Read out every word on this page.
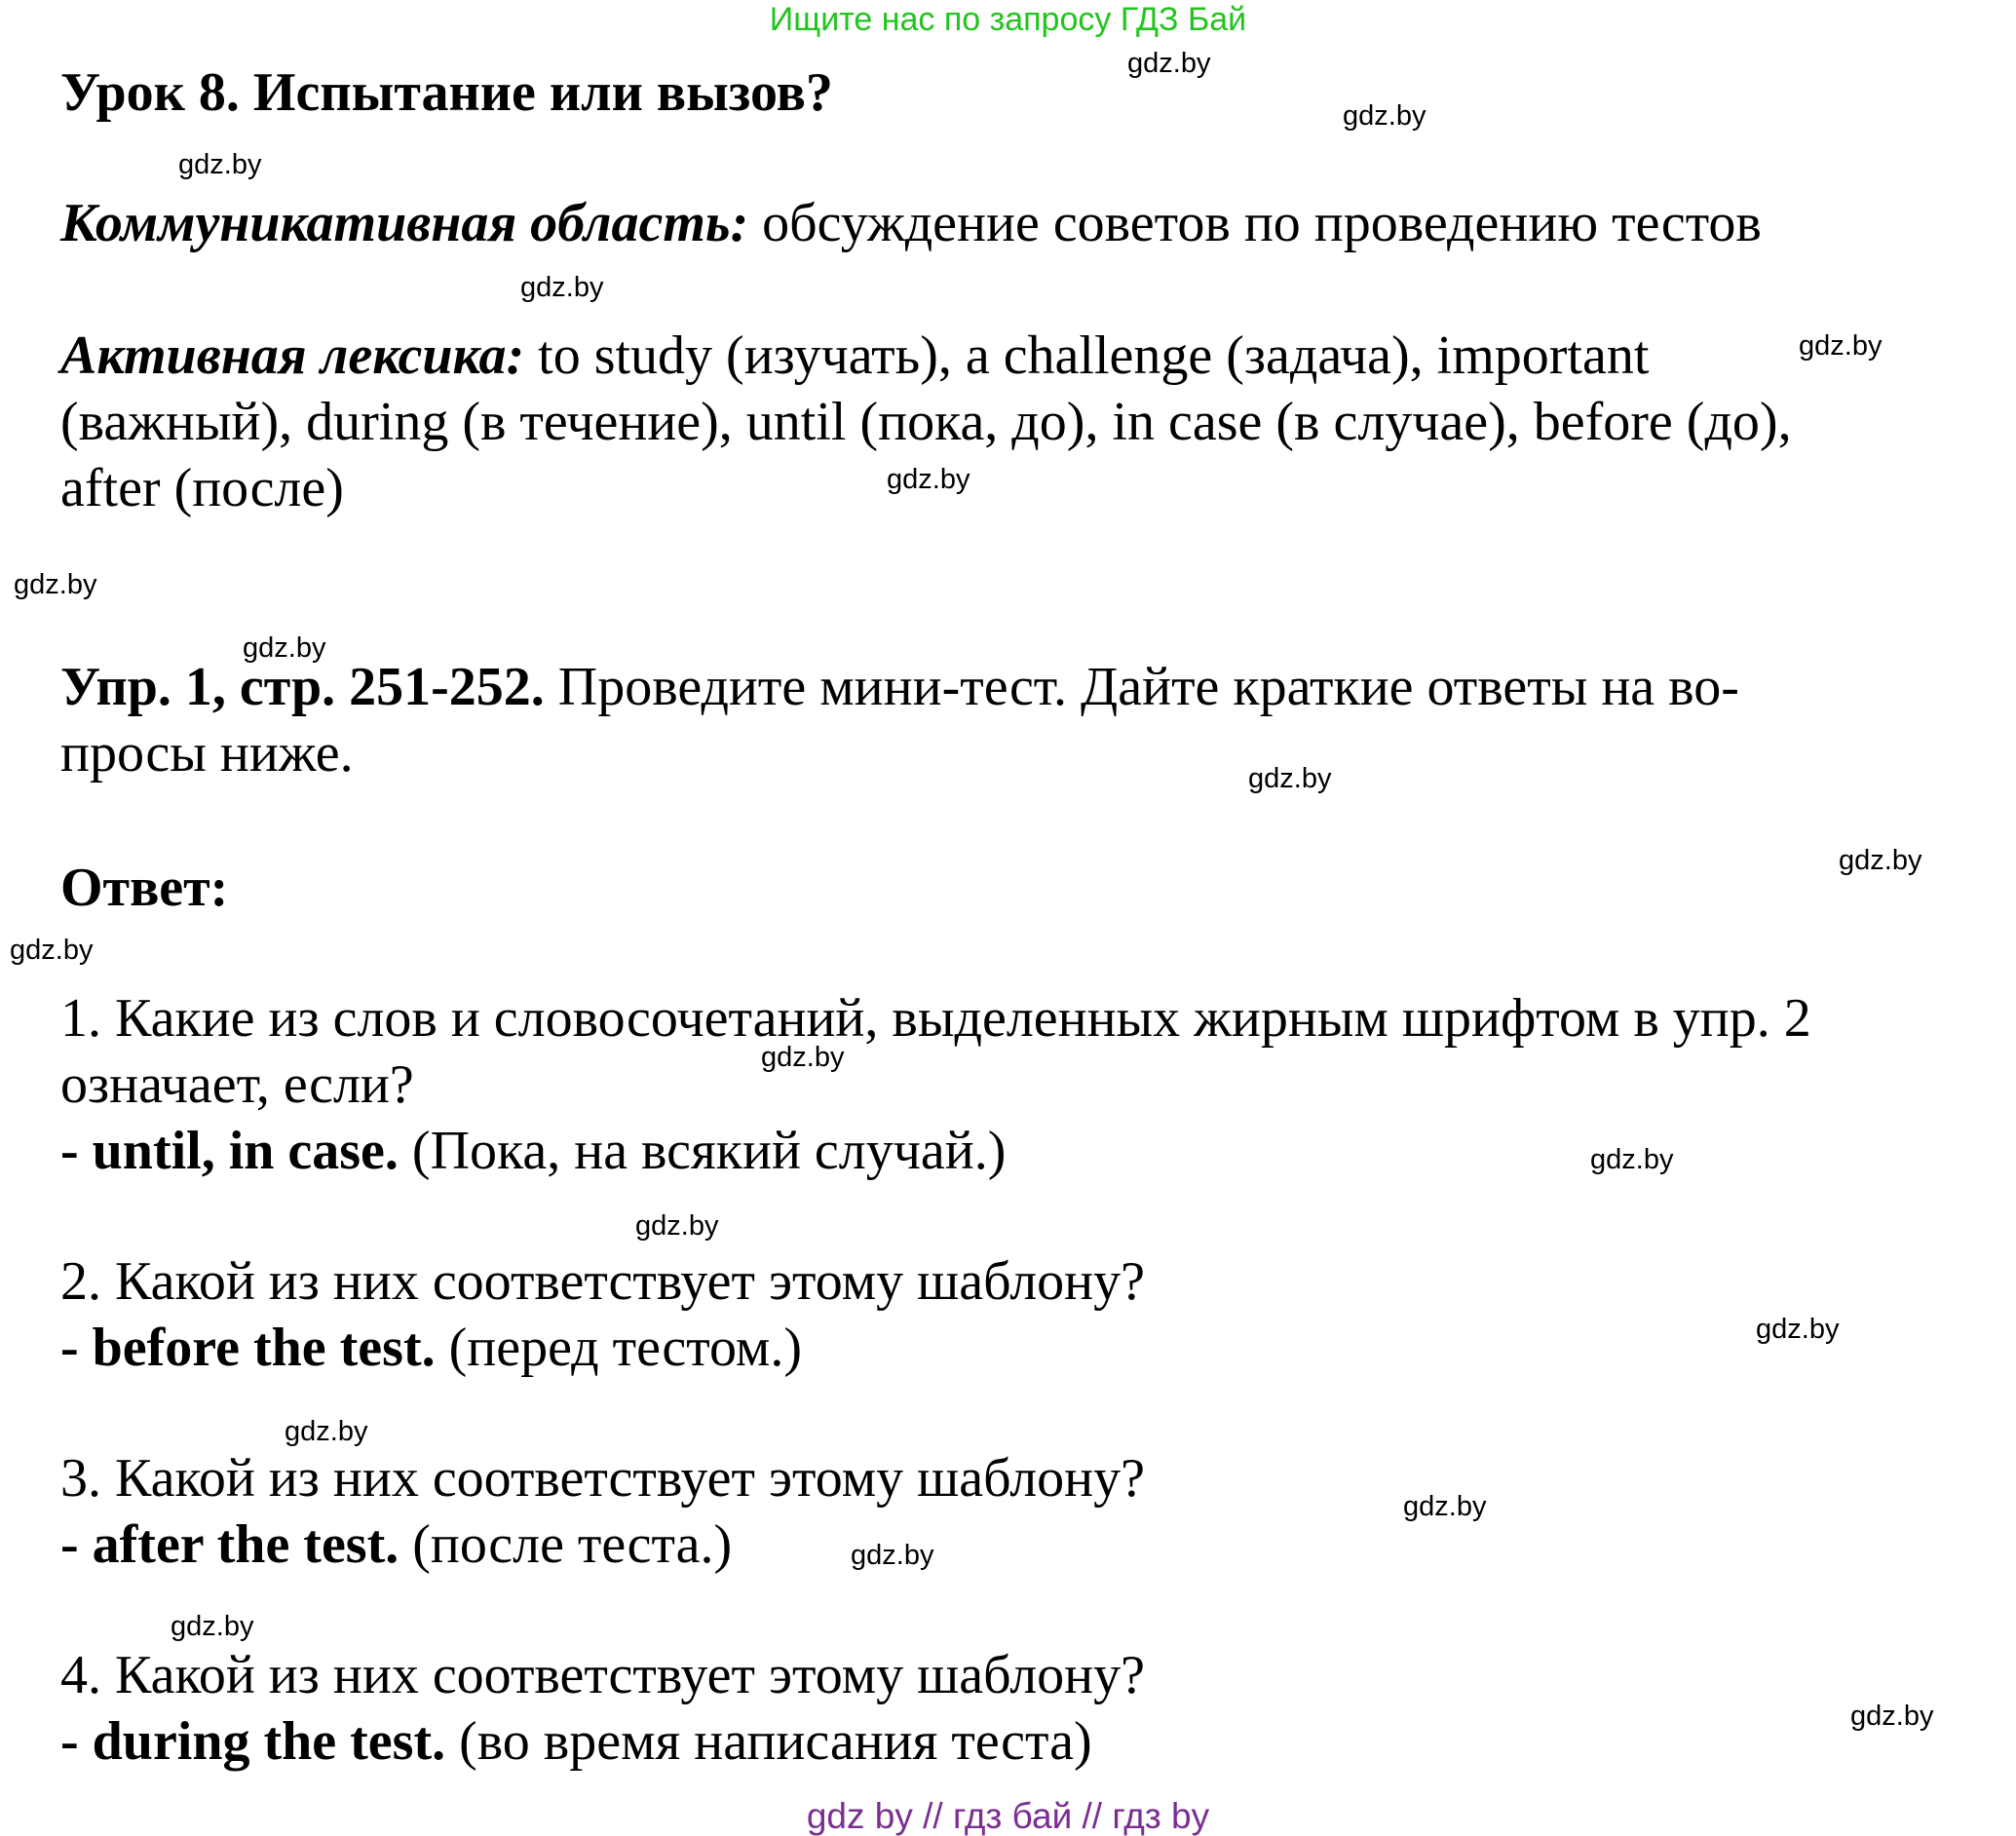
Ищите нас по запросу ГДЗ Бай
gdz.by
gdz.by
gdz.by
gdz.by
gdz.by
gdz.by
gdz.by
gdz.by
gdz.by
gdz.by
gdz.by
gdz.by
gdz.by
gdz.by
gdz.by
gdz.by
gdz.by
gdz.by
gdz.by
gdz.by
Урок 8. Испытание или вызов?
Коммуникативная область: обсуждение советов по проведению тестов
Активная лексика: to study (изучать), a challenge (задача), important
(важный), during (в течение), until (пока, до), in case (в случае), before (до),
after (после)
Упр. 1, стр. 251-252. Проведите мини-тест. Дайте краткие ответы на во-
просы ниже.
Ответ:
1. Какие из слов и словосочетаний, выделенных жирным шрифтом в упр. 2
означает, если?
- until, in case. (Пока, на всякий случай.)
2. Какой из них соответствует этому шаблону?
- before the test. (перед тестом.)
3. Какой из них соответствует этому шаблону?
- after the test. (после теста.)
4. Какой из них соответствует этому шаблону?
- during the test. (во время написания теста)
gdz by // гдз бай // гдз by
